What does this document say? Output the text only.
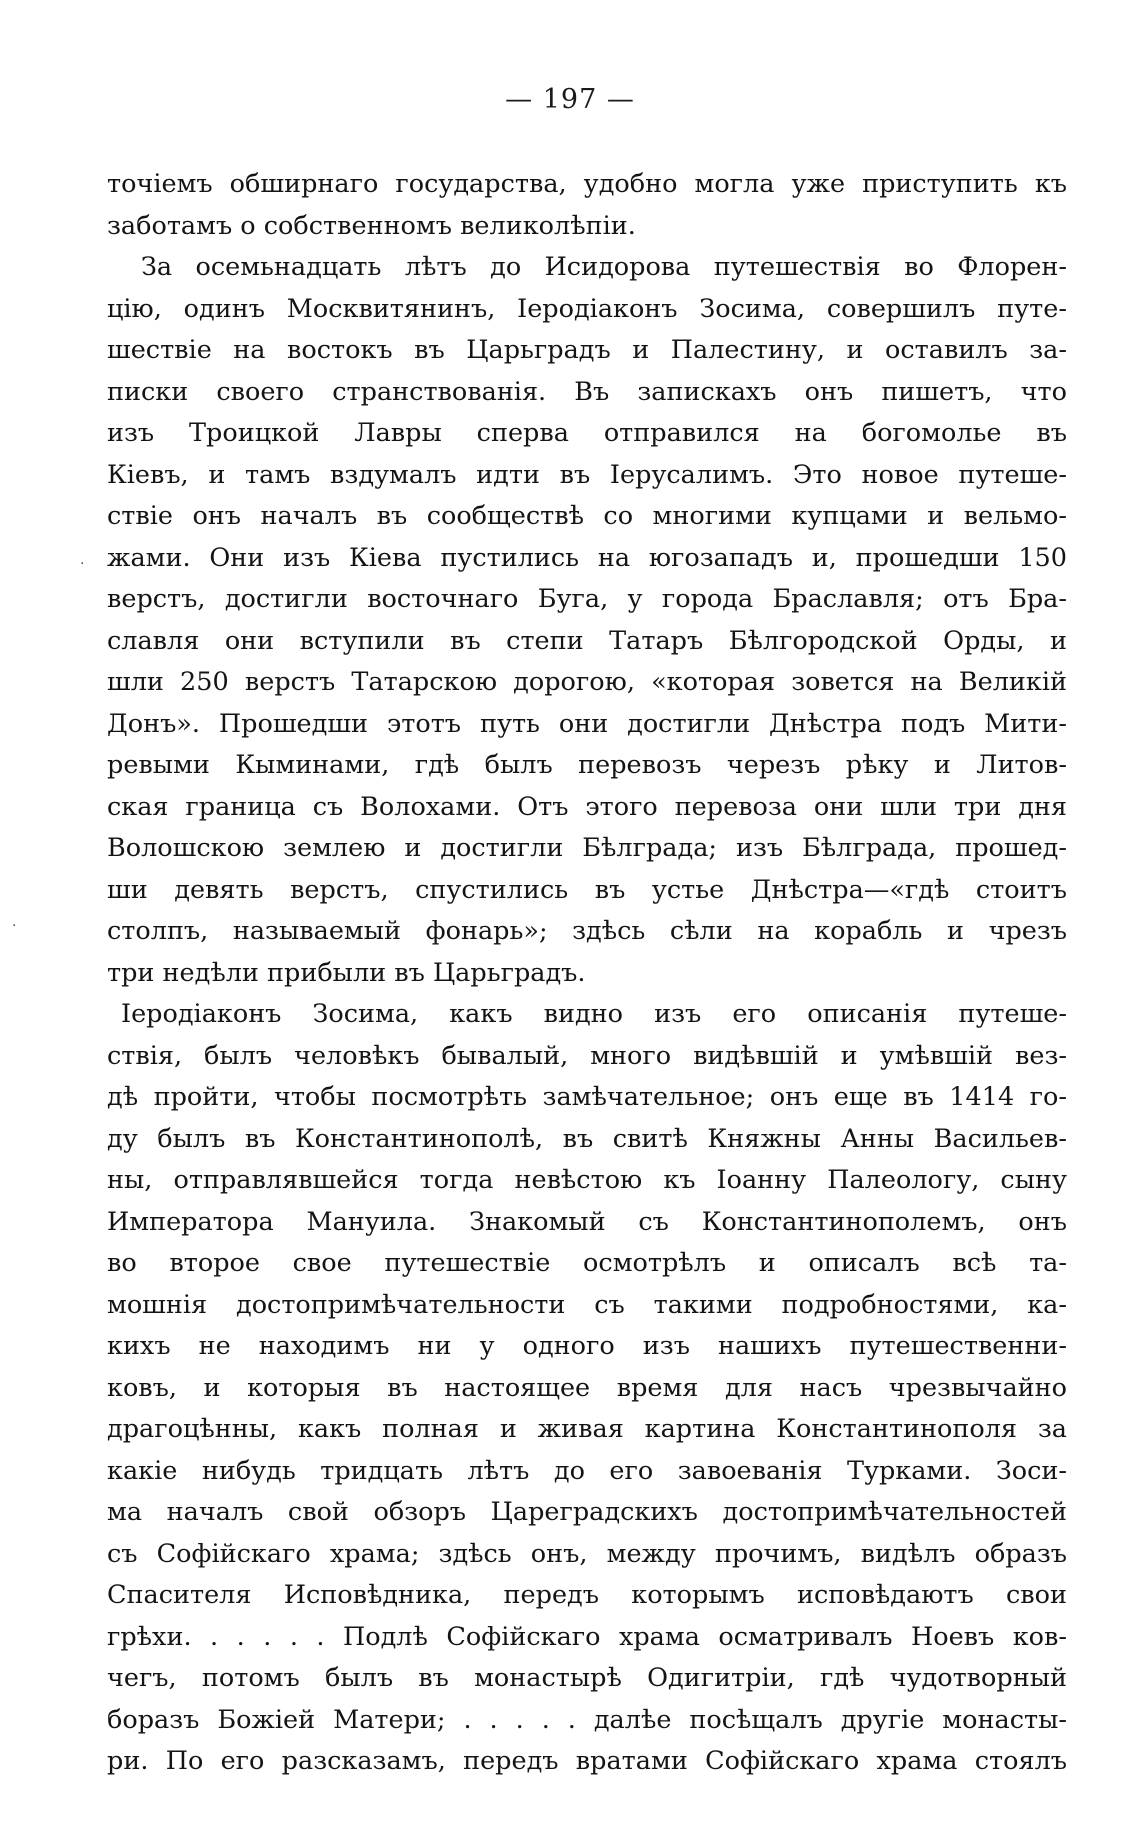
— 197 —
точіемъ обширнаго государства, удобно могла уже приступить къ
заботамъ о собственномъ великолѣпіи.
За осемьнадцать лѣтъ до Исидорова путешествія во Флорен-
цію, одинъ Москвитянинъ, Іеродіаконъ Зосима, совершилъ путе-
шествіе на востокъ въ Царьградъ и Палестину, и оставилъ за-
писки своего странствованія. Въ запискахъ онъ пишетъ, что
изъ Троицкой Лавры сперва отправился на богомолье въ
Кіевъ, и тамъ вздумалъ идти въ Іерусалимъ. Это новое путеше-
ствіе онъ началъ въ сообществѣ со многими купцами и вельмо-
жами. Они изъ Кіева пустились на югозападъ и, прошедши 150
верстъ, достигли восточнаго Буга, у города Браславля; отъ Бра-
славля они вступили въ степи Татаръ Бѣлгородской Орды, и
шли 250 верстъ Татарскою дорогою, «которая зовется на Великій
Донъ». Прошедши этотъ путь они достигли Днѣстра подъ Мити-
ревыми Кыминами, гдѣ былъ перевозъ черезъ рѣку и Литов-
ская граница съ Волохами. Отъ этого перевоза они шли три дня
Волошскою землею и достигли Бѣлграда; изъ Бѣлграда, прошед-
ши девять верстъ, спустились въ устье Днѣстра—«гдѣ стоитъ
столпъ, называемый фонарь»; здѣсь сѣли на корабль и чрезъ
три недѣли прибыли въ Царьградъ.
Іеродіаконъ Зосима, какъ видно изъ его описанія путеше-
ствія, былъ человѣкъ бывалый, много видѣвшій и умѣвшій вез-
дѣ пройти, чтобы посмотрѣть замѣчательное; онъ еще въ 1414 го-
ду былъ въ Константинополѣ, въ свитѣ Княжны Анны Васильев-
ны, отправлявшейся тогда невѣстою къ Іоанну Палеологу, сыну
Императора Мануила. Знакомый съ Константинополемъ, онъ
во второе свое путешествіе осмотрѣлъ и описалъ всѣ та-
мошнія достопримѣчательности съ такими подробностями, ка-
кихъ не находимъ ни у одного изъ нашихъ путешественни-
ковъ, и которыя въ настоящее время для насъ чрезвычайно
драгоцѣнны, какъ полная и живая картина Константинополя за
какіе нибудь тридцать лѣтъ до его завоеванія Турками. Зоси-
ма началъ свой обзоръ Цареградскихъ достопримѣчательностей
съ Софійскаго храма; здѣсь онъ, между прочимъ, видѣлъ образъ
Спасителя Исповѣдника, передъ которымъ исповѣдаютъ свои
грѣхи. . . . . . Подлѣ Софійскаго храма осматривалъ Ноевъ ков-
чегъ, потомъ былъ въ монастырѣ Одигитріи, гдѣ чудотворный
боразъ Божіей Матери; . . . . . далѣе посѣщалъ другіе монасты-
ри. По его разсказамъ, передъ вратами Софійскаго храма стоялъ
·
·
